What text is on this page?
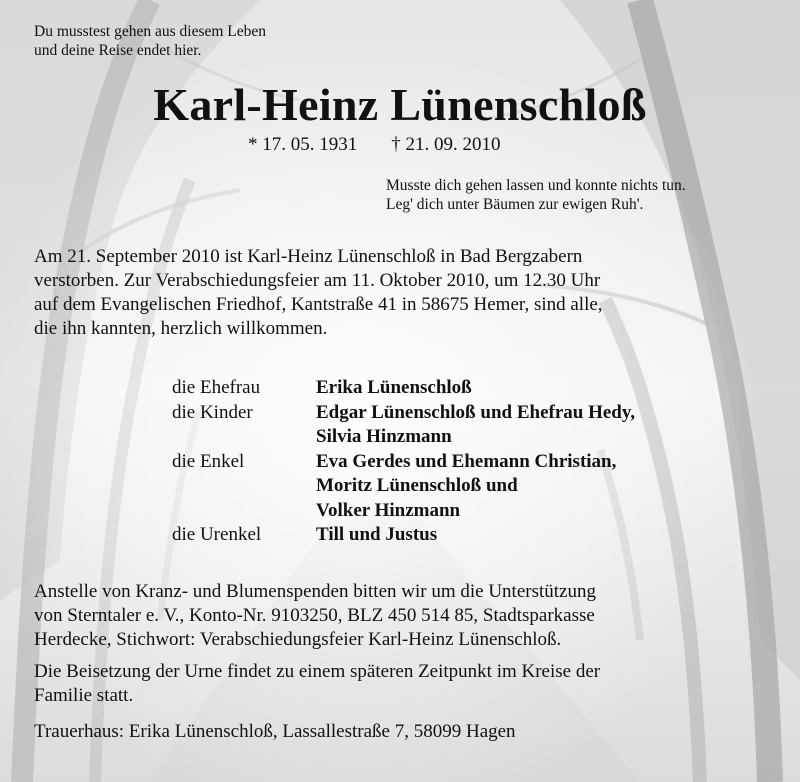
Du musstest gehen aus diesem Leben
und deine Reise endet hier.
Karl-Heinz Lünenschloß
* 17. 05. 1931 † 21. 09. 2010
Musste dich gehen lassen und konnte nichts tun.
Leg' dich unter Bäumen zur ewigen Ruh'.
Am 21. September 2010 ist Karl-Heinz Lünenschloß in Bad Bergzabern
verstorben. Zur Verabschiedungsfeier am 11. Oktober 2010, um 12.30 Uhr
auf dem Evangelischen Friedhof, Kantstraße 41 in 58675 Hemer, sind alle,
die ihn kannten, herzlich willkommen.
die Ehefrau	Erika Lünenschloß
die Kinder	Edgar Lünenschloß und Ehefrau Hedy,
Silvia Hinzmann
die Enkel	Eva Gerdes und Ehemann Christian,
Moritz Lünenschloß und
Volker Hinzmann
die Urenkel	Till und Justus
Anstelle von Kranz- und Blumenspenden bitten wir um die Unterstützung
von Sterntaler e. V., Konto-Nr. 9103250, BLZ 450 514 85, Stadtsparkasse
Herdecke, Stichwort: Verabschiedungsfeier Karl-Heinz Lünenschloß.
Die Beisetzung der Urne findet zu einem späteren Zeitpunkt im Kreise der
Familie statt.
Trauerhaus: Erika Lünenschloß, Lassallestraße 7, 58099 Hagen
